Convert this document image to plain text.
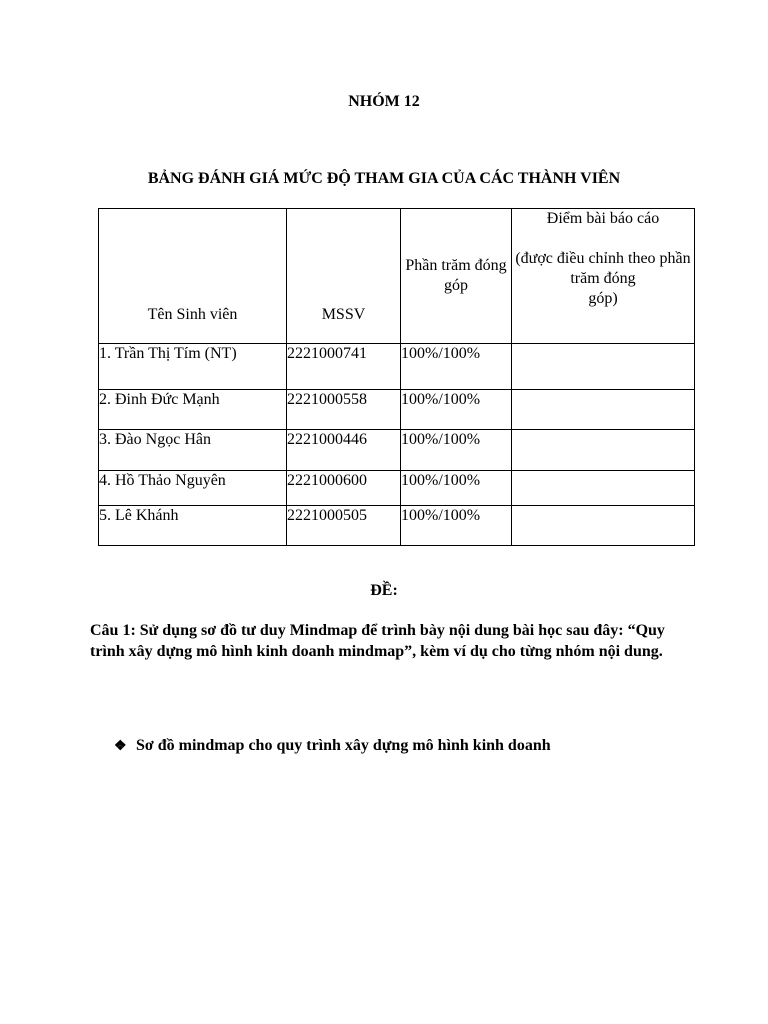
NHÓM 12
BẢNG ĐÁNH GIÁ MỨC ĐỘ THAM GIA CỦA CÁC THÀNH VIÊN
Tên Sinh viên	MSSV	Phần trăm đóng góp	Điểm bài báo cáo
(được điều chỉnh theo phần trăm đóng
góp)

1. Trần Thị Tím (NT)	2221000741	100%/100%	
2. Đinh Đức Mạnh	2221000558	100%/100%	
3. Đào Ngọc Hân	2221000446	100%/100%	
4. Hồ Thảo Nguyên	2221000600	100%/100%	
5. Lê Khánh	2221000505	100%/100%	
ĐỀ:
Câu 1: Sử dụng sơ đồ tư duy Mindmap để trình bày nội dung bài học sau đây: “Quy trình xây dựng mô hình kinh doanh mindmap”, kèm ví dụ cho từng nhóm nội dung.
❖ Sơ đồ mindmap cho quy trình xây dựng mô hình kinh doanh
